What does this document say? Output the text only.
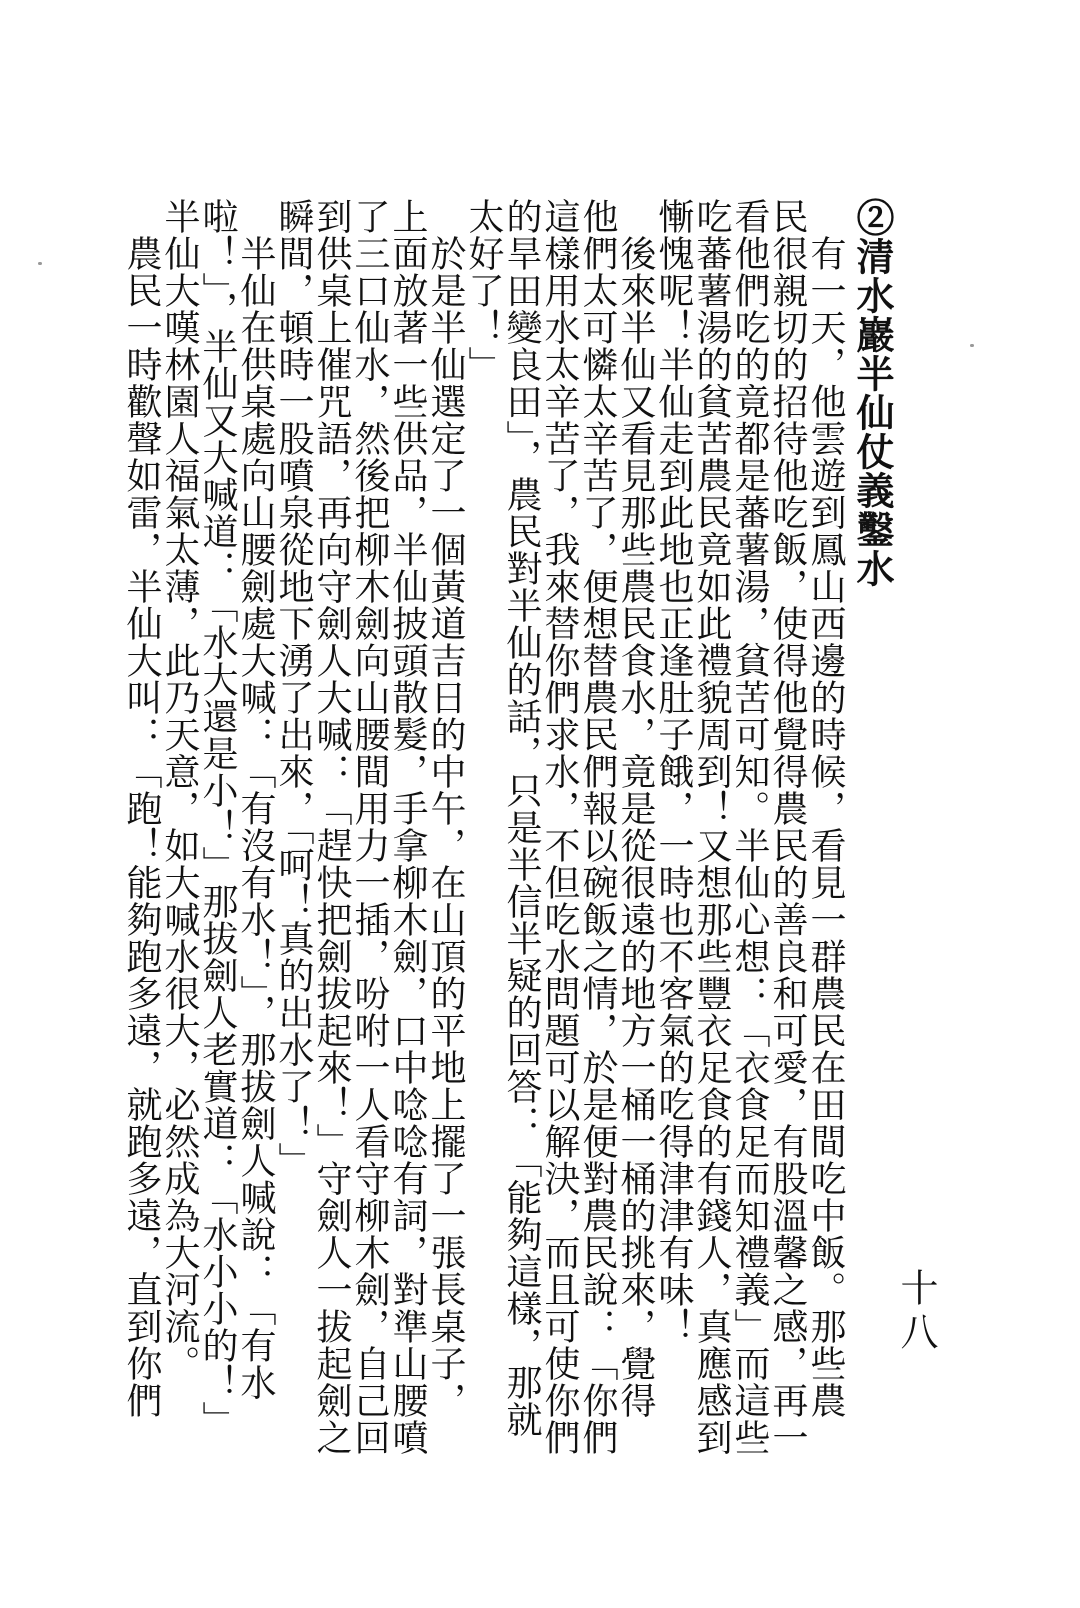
②清水巖半仙仗義鑿水
　有一天，他雲遊到鳳山西邊的時候，看見一群農民在田間吃中飯。那些農
民很親切的招待他吃飯，使得他覺得農民的善良和可愛，有股溫馨之感，再一
看他們吃的竟都是蕃薯湯，貧苦可知。半仙心想：「衣食足而知禮義」而這些
吃蕃薯湯的貧苦農民竟如此禮貌周到！又想那些豐衣足食的有錢人，真應感到
慚愧呢！半仙走到此地也正逢肚子餓，一時也不客氣的吃得津津有味！
　後來半仙又看見那些農民食水，竟是從很遠的地方一桶一桶的挑來，覺得
他們太可憐太辛苦了，便想替農民們報以碗飯之情，於是便對農民說：「你們
這樣用水太辛苦了，我來替你們求水，不但吃水問題可以解決，而且可使你們
的旱田變良田」，農民對半仙的話，只是半信半疑的回答：「能夠這樣，那就
太好了！」
　於是半仙選定了一個黃道吉日的中午，在山頂的平地上擺了一張長桌子，
上面放著一些供品，半仙披頭散髮，手拿柳木劍，口中唸唸有詞，對準山腰噴
了三口仙水，然後把柳木劍向山腰間用力一插，吩咐一人看守柳木劍，自己回
到供桌上催咒語，再向守劍人大喊：「趕快把劍拔起來！」守劍人一拔起劍之
瞬間，頓時一股噴泉從地下湧了出來，「呵！真的出水了！」
　半仙在供桌處向山腰劍處大喊：「有沒有水！」，那拔劍人喊說：「有水
啦！」，半仙又大喊道：「水大還是小！」那拔劍人老實道：「水小小的！」
半仙大嘆林園人福氣太薄，此乃天意，如大喊水很大，必然成為大河流。
　農民一時歡聲如雷，半仙大叫：「跑！能夠跑多遠，就跑多遠，直到你們	十八
